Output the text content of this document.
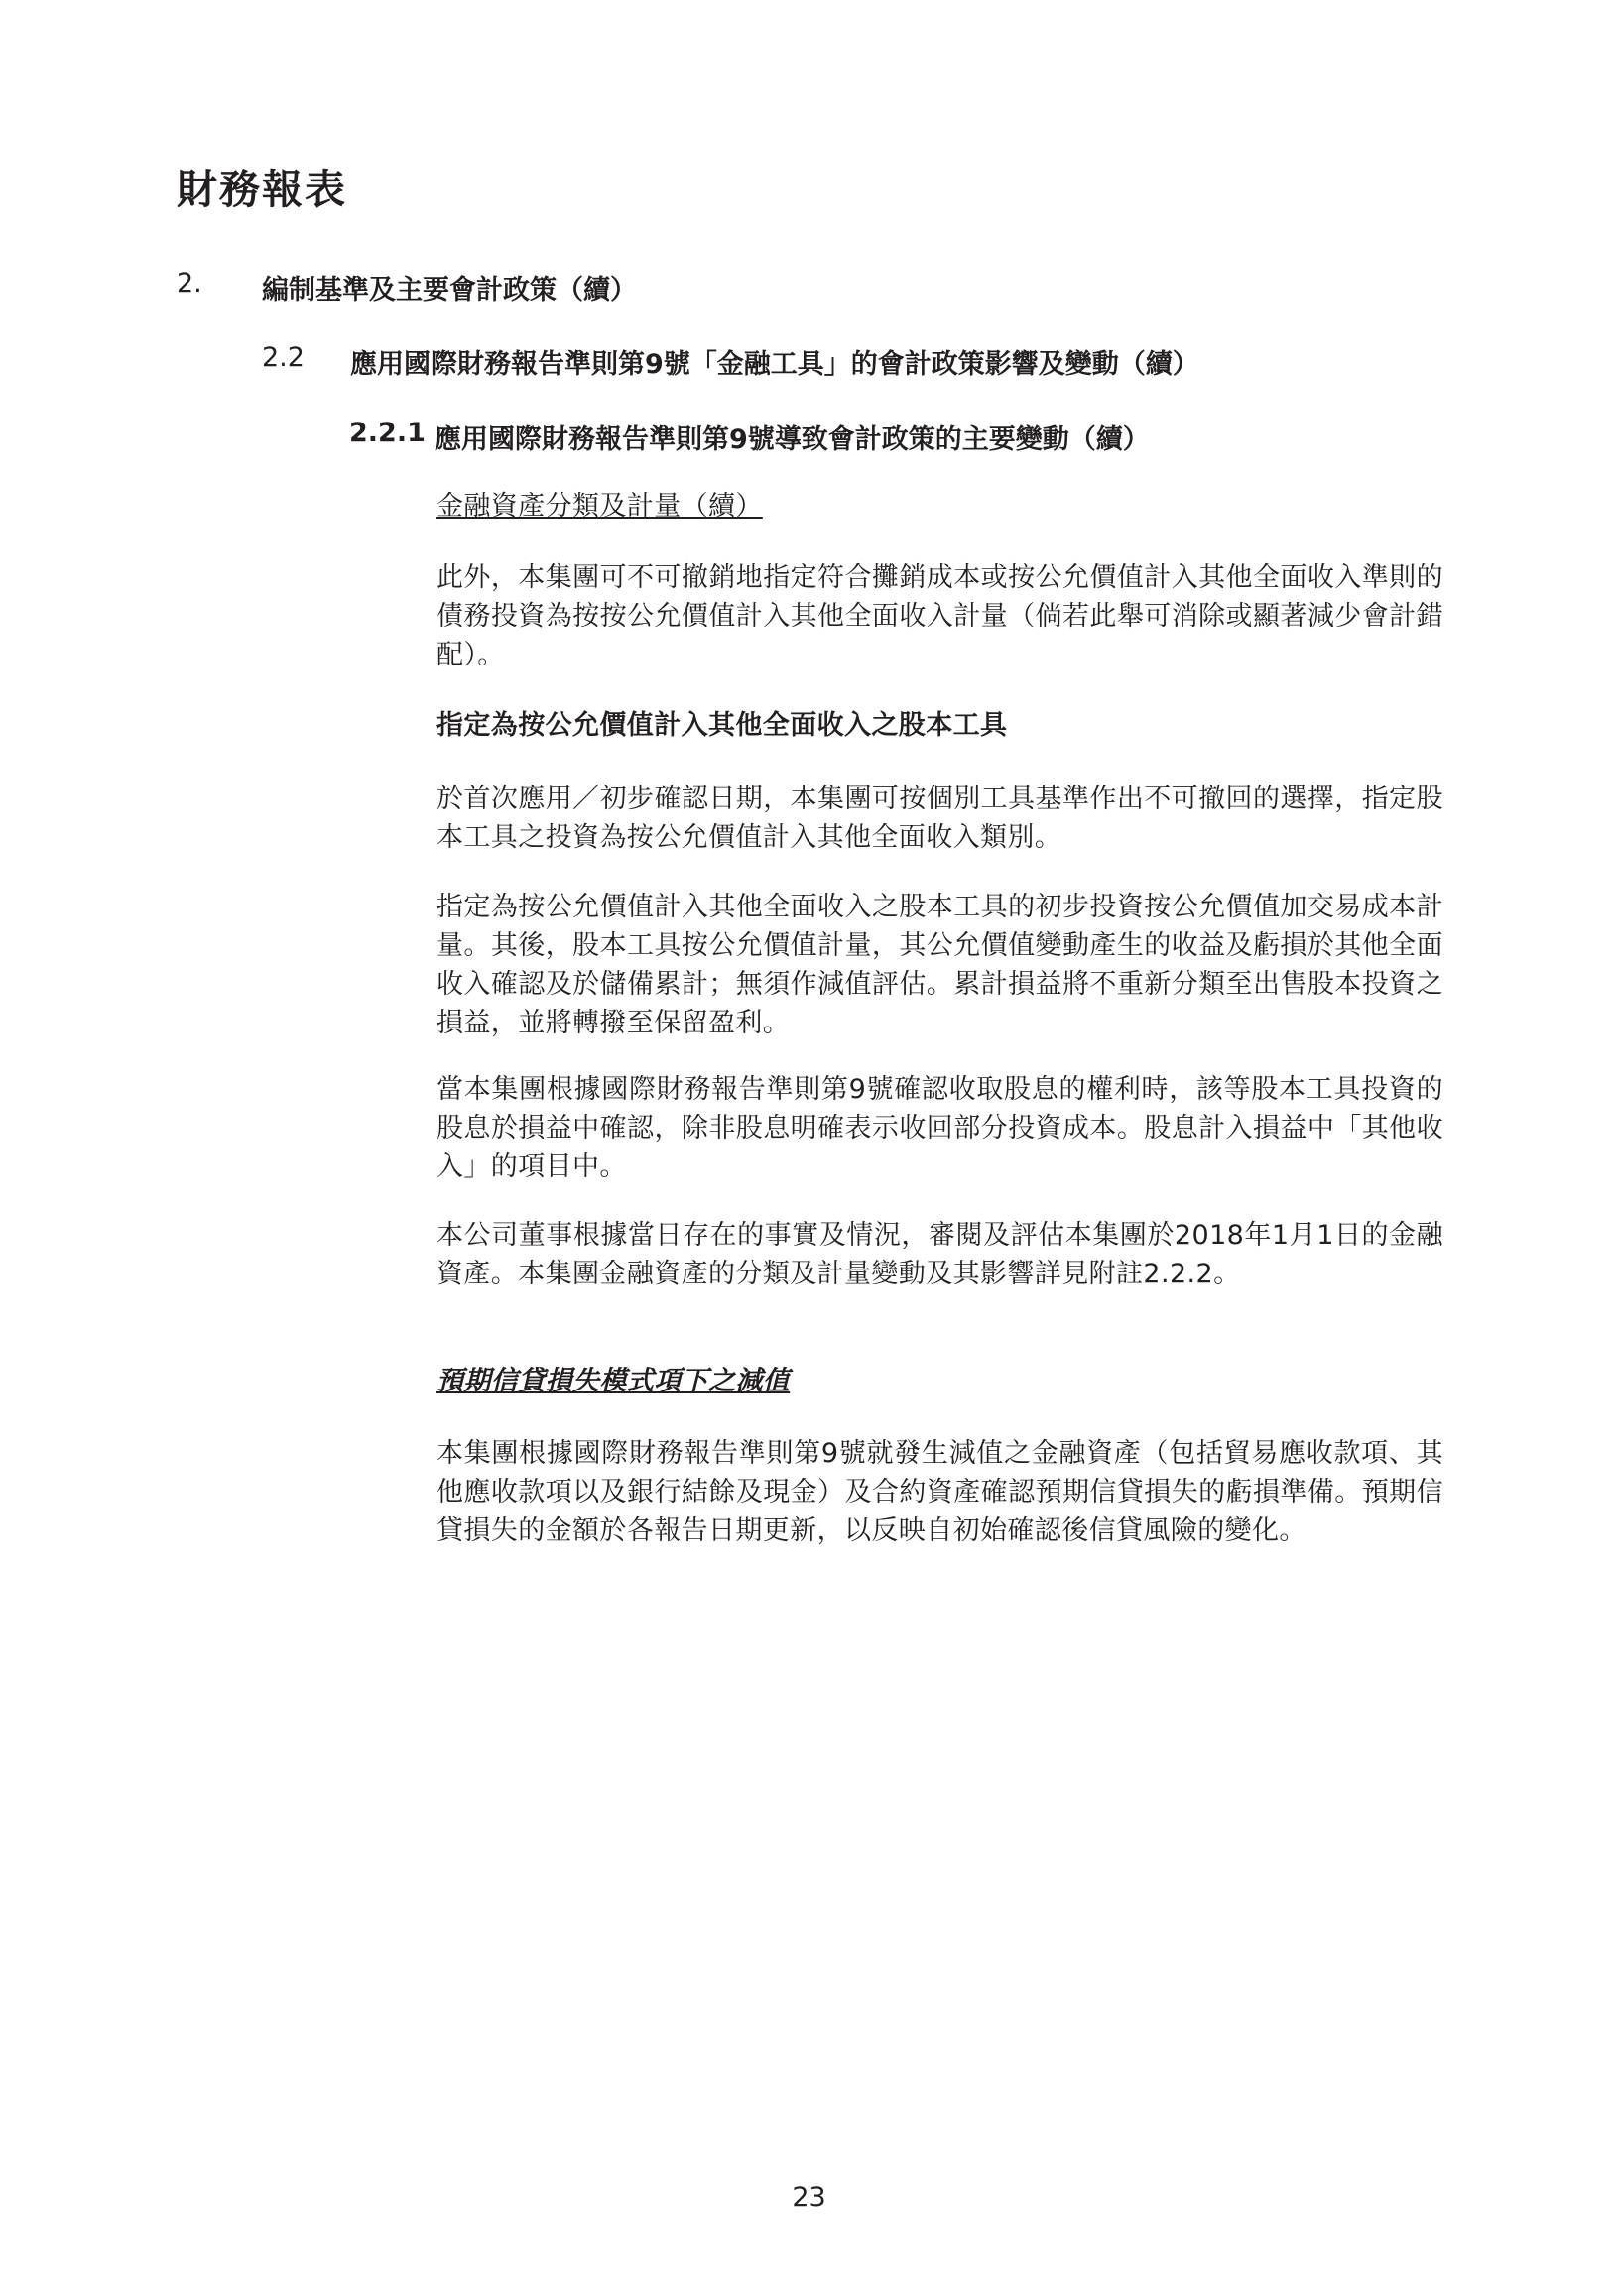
財務報表
2. 編制基準及主要會計政策（續）
2.2 應用國際財務報告準則第9號「金融工具」的會計政策影響及變動（續）
2.2.1 應用國際財務報告準則第9號導致會計政策的主要變動（續）

金融資產分類及計量（續）

此外，本集團可不可撤銷地指定符合攤銷成本或按公允價值計入其他全面收入準則的債務投資為按按公允價值計入其他全面收入計量（倘若此舉可消除或顯著減少會計錯配）。

指定為按公允價值計入其他全面收入之股本工具

於首次應用／初步確認日期，本集團可按個別工具基準作出不可撤回的選擇，指定股本工具之投資為按公允價值計入其他全面收入類別。

指定為按公允價值計入其他全面收入之股本工具的初步投資按公允價值加交易成本計量。其後，股本工具按公允價值計量，其公允價值變動產生的收益及虧損於其他全面收入確認及於儲備累計；無須作減值評估。累計損益將不重新分類至出售股本投資之損益，並將轉撥至保留盈利。

當本集團根據國際財務報告準則第9號確認收取股息的權利時，該等股本工具投資的股息於損益中確認，除非股息明確表示收回部分投資成本。股息計入損益中「其他收入」的項目中。

本公司董事根據當日存在的事實及情況，審閱及評估本集團於2018年1月1日的金融資產。本集團金融資產的分類及計量變動及其影響詳見附註2.2.2。

預期信貸損失模式項下之減值

本集團根據國際財務報告準則第9號就發生減值之金融資產（包括貿易應收款項、其他應收款項以及銀行結餘及現金）及合約資產確認預期信貸損失的虧損準備。預期信貸損失的金額於各報告日期更新，以反映自初始確認後信貸風險的變化。

23
